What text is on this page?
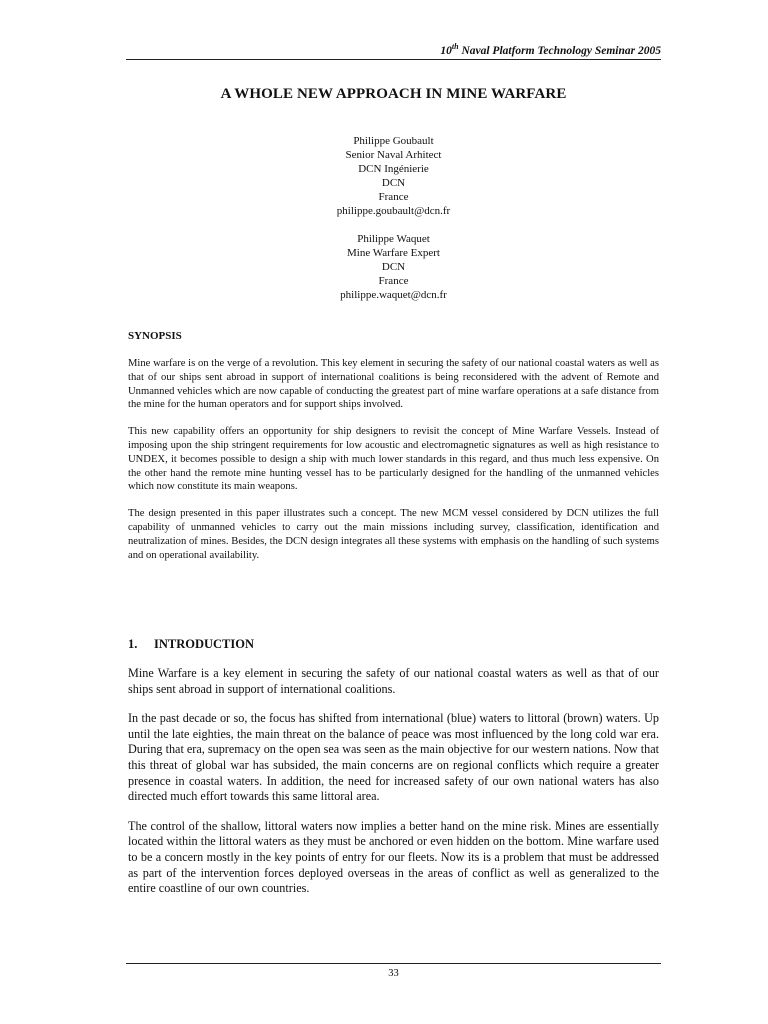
10th Naval Platform Technology Seminar 2005
A WHOLE NEW APPROACH IN MINE WARFARE
Philippe Goubault
Senior Naval Arhitect
DCN Ingénierie
DCN
France
philippe.goubault@dcn.fr
Philippe Waquet
Mine Warfare Expert
DCN
France
philippe.waquet@dcn.fr
SYNOPSIS

Mine warfare is on the verge of a revolution. This key element in securing the safety of our national coastal waters as well as that of our ships sent abroad in support of international coalitions is being reconsidered with the advent of Remote and Unmanned vehicles which are now capable of conducting the greatest part of mine warfare operations at a safe distance from the mine for the human operators and for support ships involved.

This new capability offers an opportunity for ship designers to revisit the concept of Mine Warfare Vessels. Instead of imposing upon the ship stringent requirements for low acoustic and electromagnetic signatures as well as high resistance to UNDEX, it becomes possible to design a ship with much lower standards in this regard, and thus much less expensive. On the other hand the remote mine hunting vessel has to be particularly designed for the handling of the unmanned vehicles which now constitute its main weapons.

The design presented in this paper illustrates such a concept. The new MCM vessel considered by DCN utilizes the full capability of unmanned vehicles to carry out the main missions including survey, classification, identification and neutralization of mines. Besides, the DCN design integrates all these systems with emphasis on the handling of such systems and on operational availability.

1. INTRODUCTION

Mine Warfare is a key element in securing the safety of our national coastal waters as well as that of our ships sent abroad in support of international coalitions.

In the past decade or so, the focus has shifted from international (blue) waters to littoral (brown) waters. Up until the late eighties, the main threat on the balance of peace was most influenced by the long cold war era. During that era, supremacy on the open sea was seen as the main objective for our western nations. Now that this threat of global war has subsided, the main concerns are on regional conflicts which require a greater presence in coastal waters. In addition, the need for increased safety of our own national waters has also directed much effort towards this same littoral area.

The control of the shallow, littoral waters now implies a better hand on the mine risk. Mines are essentially located within the littoral waters as they must be anchored or even hidden on the bottom. Mine warfare used to be a concern mostly in the key points of entry for our fleets. Now its is a problem that must be addressed as part of the intervention forces deployed overseas in the areas of conflict as well as generalized to the entire coastline of our own countries.

33
